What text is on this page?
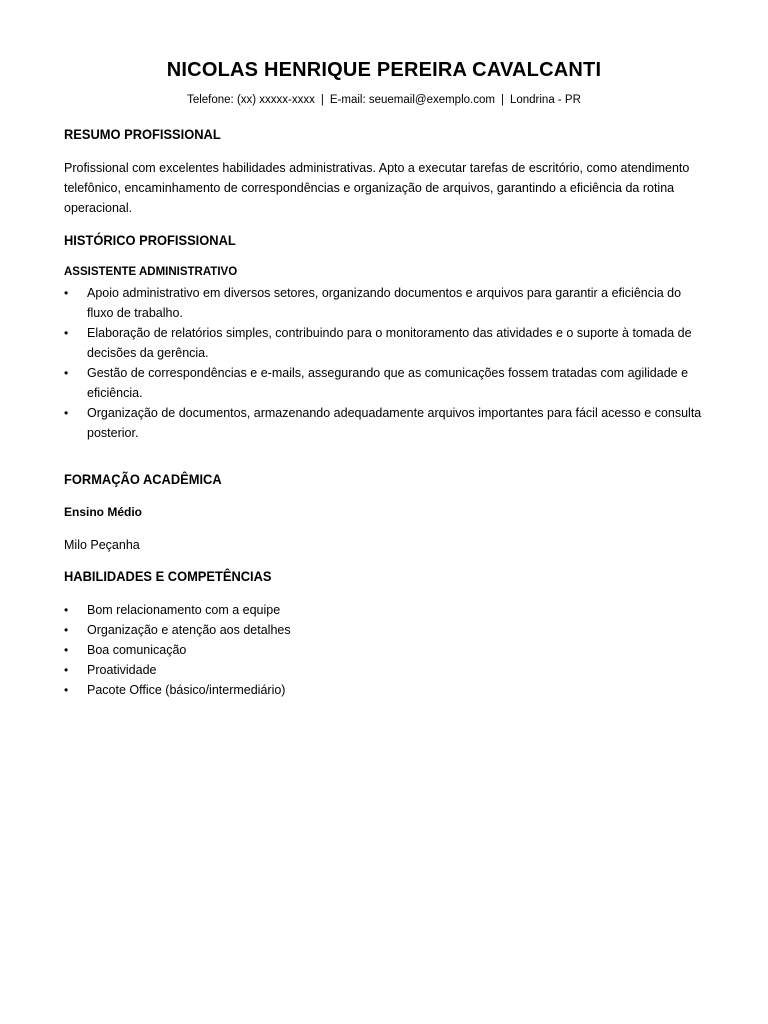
NICOLAS HENRIQUE PEREIRA CAVALCANTI
Telefone: (xx) xxxxx-xxxx | E-mail: seuemail@exemplo.com | Londrina - PR
RESUMO PROFISSIONAL

Profissional com excelentes habilidades administrativas. Apto a executar tarefas de escritório, como atendimento telefônico, encaminhamento de correspondências e organização de arquivos, garantindo a eficiência da rotina operacional.

HISTÓRICO PROFISSIONAL

ASSISTENTE ADMINISTRATIVO

• Apoio administrativo em diversos setores, organizando documentos e arquivos para garantir a eficiência do fluxo de trabalho.
• Elaboração de relatórios simples, contribuindo para o monitoramento das atividades e o suporte à tomada de decisões da gerência.
• Gestão de correspondências e e-mails, assegurando que as comunicações fossem tratadas com agilidade e eficiência.
• Organização de documentos, armazenando adequadamente arquivos importantes para fácil acesso e consulta posterior.
FORMAÇÃO ACADÊMICA

Ensino Médio

Milo Peçanha

HABILIDADES E COMPETÊNCIAS
• Bom relacionamento com a equipe
• Organização e atenção aos detalhes
• Boa comunicação
• Proatividade
• Pacote Office (básico/intermediário)
